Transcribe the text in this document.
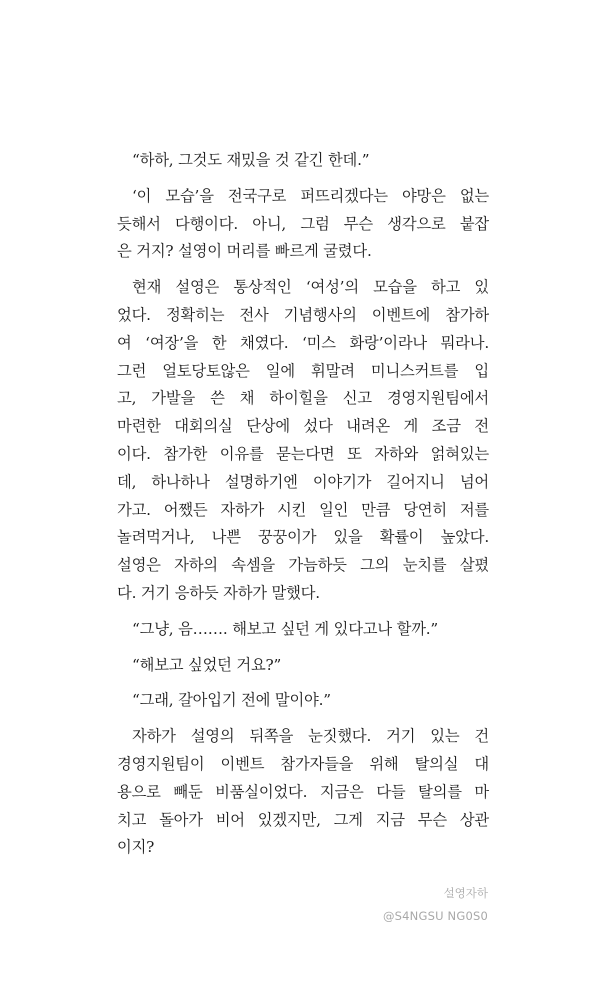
“하하, 그것도 재밌을 것 같긴 한데.”
‘이 모습’을 전국구로 퍼뜨리겠다는 야망은 없는
듯해서 다행이다. 아니, 그럼 무슨 생각으로 붙잡
은 거지? 설영이 머리를 빠르게 굴렸다.
현재 설영은 통상적인 ‘여성’의 모습을 하고 있
었다. 정확히는 전사 기념행사의 이벤트에 참가하
여 ‘여장’을 한 채였다. ‘미스 화랑’이라나 뭐라나.
그런 얼토당토않은 일에 휘말려 미니스커트를 입
고, 가발을 쓴 채 하이힐을 신고 경영지원팀에서
마련한 대회의실 단상에 섰다 내려온 게 조금 전
이다. 참가한 이유를 묻는다면 또 자하와 얽혀있는
데, 하나하나 설명하기엔 이야기가 길어지니 넘어
가고. 어쨌든 자하가 시킨 일인 만큼 당연히 저를
놀려먹거나, 나쁜 꿍꿍이가 있을 확률이 높았다.
설영은 자하의 속셈을 가늠하듯 그의 눈치를 살폈
다. 거기 응하듯 자하가 말했다.
“그냥, 음……. 해보고 싶던 게 있다고나 할까.”
“해보고 싶었던 거요?”
“그래, 갈아입기 전에 말이야.”
자하가 설영의 뒤쪽을 눈짓했다. 거기 있는 건
경영지원팀이 이벤트 참가자들을 위해 탈의실 대
용으로 빼둔 비품실이었다. 지금은 다들 탈의를 마
치고 돌아가 비어 있겠지만, 그게 지금 무슨 상관
이지?
설영자하
@S4NGSU NG0S0
